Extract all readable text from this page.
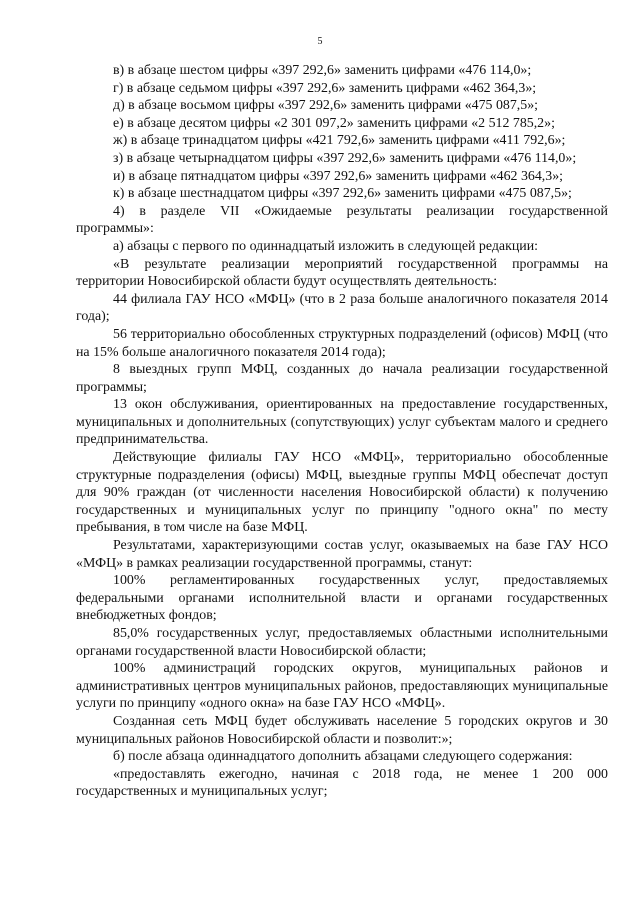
5

в) в абзаце шестом цифры «397 292,6» заменить цифрами «476 114,0»;

г) в абзаце седьмом цифры «397 292,6» заменить цифрами «462 364,3»;

д) в абзаце восьмом цифры «397 292,6» заменить цифрами «475 087,5»;

е) в абзаце десятом цифры «2 301 097,2» заменить цифрами «2 512 785,2»;

ж) в абзаце тринадцатом цифры «421 792,6» заменить цифрами «411 792,6»;

з) в абзаце четырнадцатом цифры «397 292,6» заменить цифрами «476 114,0»;

и) в абзаце пятнадцатом цифры «397 292,6» заменить цифрами «462 364,3»;

к) в абзаце шестнадцатом цифры «397 292,6» заменить цифрами «475 087,5»;

4) в разделе VII «Ожидаемые результаты реализации государственной программы»:

а) абзацы с первого по одиннадцатый изложить в следующей редакции:

«В результате реализации мероприятий государственной программы на территории Новосибирской области будут осуществлять деятельность:

44 филиала ГАУ НСО «МФЦ» (что в 2 раза больше аналогичного показателя 2014 года);

56 территориально обособленных структурных подразделений (офисов) МФЦ (что на 15% больше аналогичного показателя 2014 года);

8 выездных групп МФЦ, созданных до начала реализации государственной программы;

13 окон обслуживания, ориентированных на предоставление государственных, муниципальных и дополнительных (сопутствующих) услуг субъектам малого и среднего предпринимательства.

Действующие филиалы ГАУ НСО «МФЦ», территориально обособленные структурные подразделения (офисы) МФЦ, выездные группы МФЦ обеспечат доступ для 90% граждан (от численности населения Новосибирской области) к получению государственных и муниципальных услуг по принципу "одного окна" по месту пребывания, в том числе на базе МФЦ.

Результатами, характеризующими состав услуг, оказываемых на базе ГАУ НСО «МФЦ» в рамках реализации государственной программы, станут:

100% регламентированных государственных услуг, предоставляемых федеральными органами исполнительной власти и органами государственных внебюджетных фондов;

85,0% государственных услуг, предоставляемых областными исполнительными органами государственной власти Новосибирской области;

100% администраций городских округов, муниципальных районов и административных центров муниципальных районов, предоставляющих муниципальные услуги по принципу «одного окна» на базе ГАУ НСО «МФЦ».

Созданная сеть МФЦ будет обслуживать население 5 городских округов и 30 муниципальных районов Новосибирской области и позволит:»;

б) после абзаца одиннадцатого дополнить абзацами следующего содержания:

«предоставлять ежегодно, начиная с 2018 года, не менее 1 200 000 государственных и муниципальных услуг;
